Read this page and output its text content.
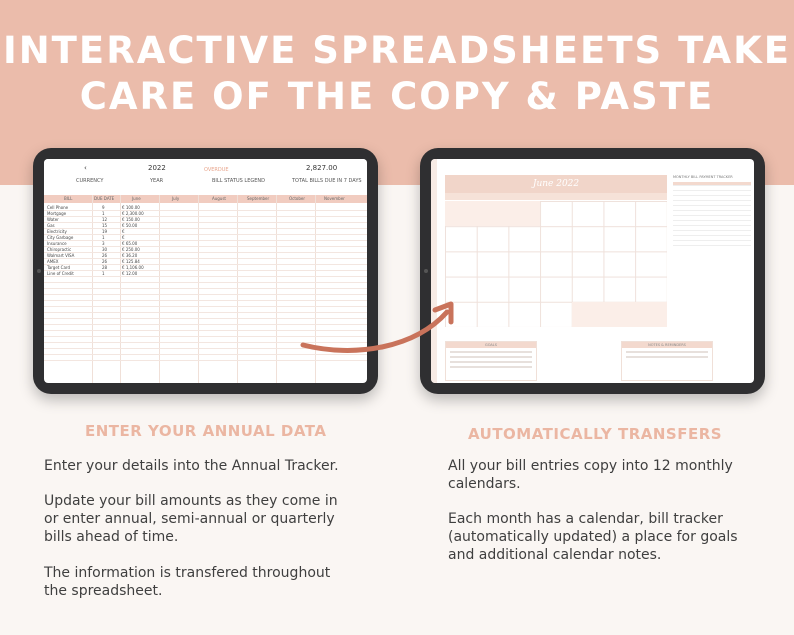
INTERACTIVE SPREADSHEETS TAKE
CARE OF THE COPY & PASTE
‹
CURRENCY
2022
YEAR
OVERDUE
BILL STATUS LEGEND
2,827.00
TOTAL BILLS DUE IN 7 DAYS
BILL	DUE DATE	June	July	August	September	October	November
Cell Phone	9	€ 100.00
Mortgage	1	€ 2,300.00
Water	12	€ 150.00
Gas	15	€ 50.00
Electricity	19	€
City Garbage	1	€
Insurance	3	€ 65.00
Chiropractic	30	€ 250.00
Walmart VISA	26	€ 36.20
AMEX	26	€ 125.84
Target Card	28	€ 1,106.00
Line of Credit	1	€ 12.00
June 2022
MONTHLY BILL PAYMENT TRACKER
GOALS	NOTES & REMINDERS
ENTER YOUR ANNUAL DATA
Enter your details into the Annual Tracker.
Update your bill amounts as they come in
or enter annual, semi-annual or quarterly
bills ahead of time.
The information is transfered throughout
the spreadsheet.
AUTOMATICALLY TRANSFERS
All your bill entries copy into 12 monthly
calendars.
Each month has a calendar, bill tracker
(automatically updated) a place for goals
and additional calendar notes.
